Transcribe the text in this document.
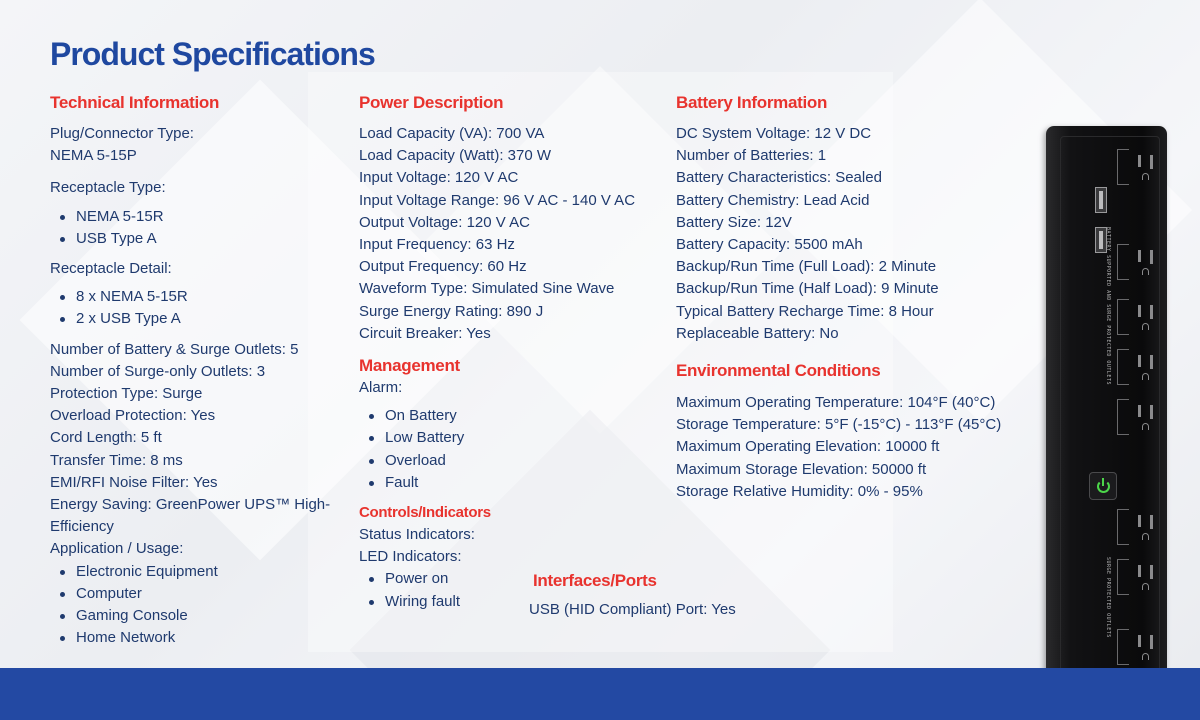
Product Specifications
Technical Information
Plug/Connector Type:
NEMA 5-15P
Receptacle Type:
NEMA 5-15R
USB Type A
Receptacle Detail:
8 x NEMA 5-15R
2 x USB Type A
Number of Battery & Surge Outlets: 5
Number of Surge-only Outlets: 3
Protection Type: Surge
Overload Protection: Yes
Cord Length: 5 ft
Transfer Time: 8 ms
EMI/RFI Noise Filter: Yes
Energy Saving: GreenPower UPS™ High-Efficiency
Application / Usage:
Electronic Equipment
Computer
Gaming Console
Home Network
Power Description
Load Capacity (VA): 700 VA
Load Capacity (Watt): 370 W
Input Voltage: 120 V AC
Input Voltage Range: 96 V AC - 140 V AC
Output Voltage: 120 V AC
Input Frequency: 63 Hz
Output Frequency: 60 Hz
Waveform Type: Simulated Sine Wave
Surge Energy Rating: 890 J
Circuit Breaker: Yes
Management
Alarm:
On Battery
Low Battery
Overload
Fault
Controls/Indicators
Status Indicators:
LED Indicators:
Power on
Wiring fault
Battery Information
DC System Voltage: 12 V DC
Number of Batteries: 1
Battery Characteristics: Sealed
Battery Chemistry: Lead Acid
Battery Size: 12V
Battery Capacity: 5500 mAh
Backup/Run Time (Full Load): 2 Minute
Backup/Run Time (Half Load): 9 Minute
Typical Battery Recharge Time: 8 Hour
Replaceable Battery: No
Environmental Conditions
Maximum Operating Temperature: 104°F (40°C)
Storage Temperature: 5°F (-15°C) - 113°F (45°C)
Maximum Operating Elevation: 10000 ft
Maximum Storage Elevation: 50000 ft
Storage Relative Humidity: 0% - 95%
Interfaces/Ports
USB (HID Compliant) Port: Yes
BATTERY SUPPORTED AND SURGE PROTECTED OUTLETS
SURGE PROTECTED OUTLETS
